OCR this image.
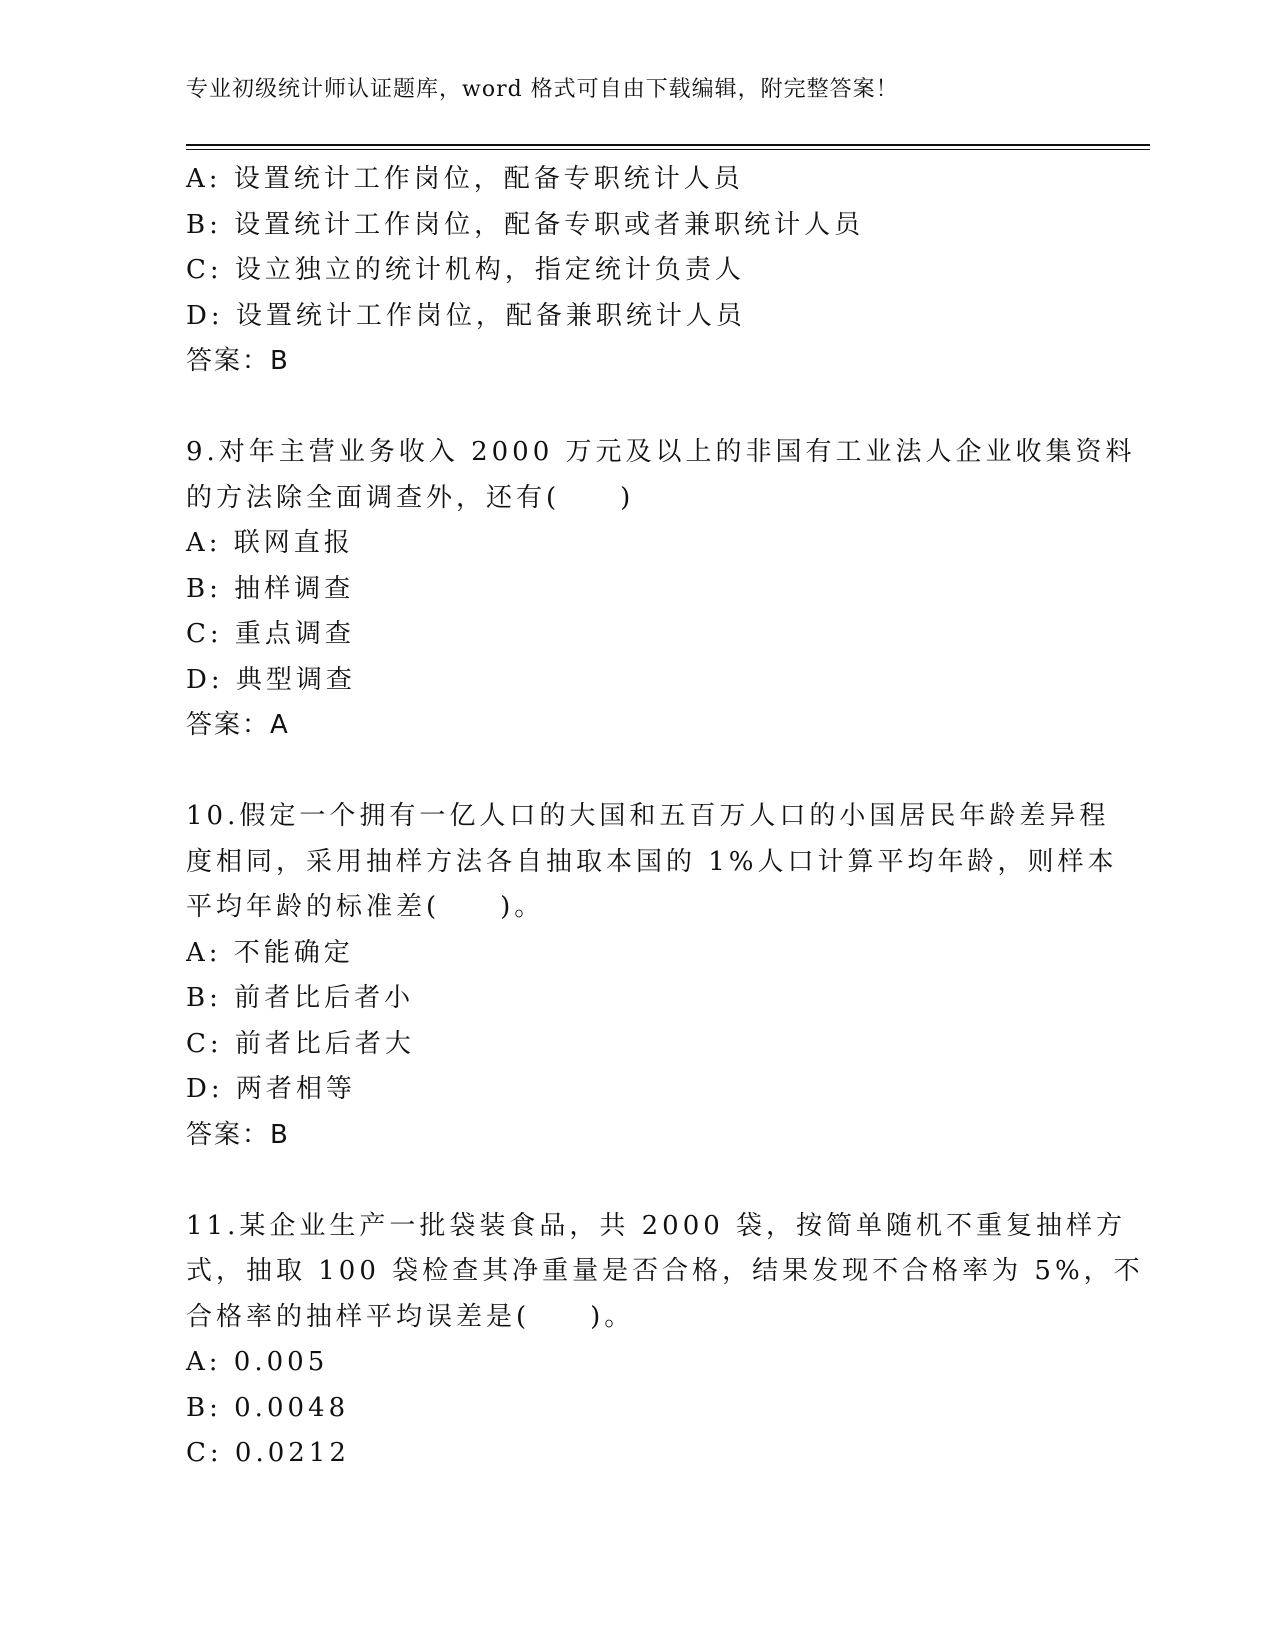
专业初级统计师认证题库，word 格式可自由下载编辑，附完整答案！
A: 设置统计工作岗位，配备专职统计人员
B: 设置统计工作岗位，配备专职或者兼职统计人员
C: 设立独立的统计机构，指定统计负责人
D: 设置统计工作岗位，配备兼职统计人员
答案：B
9.对年主营业务收入 2000 万元及以上的非国有工业法人企业收集资料
的方法除全面调查外，还有(　　)
A: 联网直报
B: 抽样调查
C: 重点调查
D: 典型调查
答案：A
10.假定一个拥有一亿人口的大国和五百万人口的小国居民年龄差异程
度相同，采用抽样方法各自抽取本国的 1%人口计算平均年龄，则样本
平均年龄的标准差(　　)。
A: 不能确定
B: 前者比后者小
C: 前者比后者大
D: 两者相等
答案：B
11.某企业生产一批袋装食品，共 2000 袋，按简单随机不重复抽样方
式，抽取 100 袋检查其净重量是否合格，结果发现不合格率为 5%，不
合格率的抽样平均误差是(　　)。
A: 0.005
B: 0.0048
C: 0.0212
